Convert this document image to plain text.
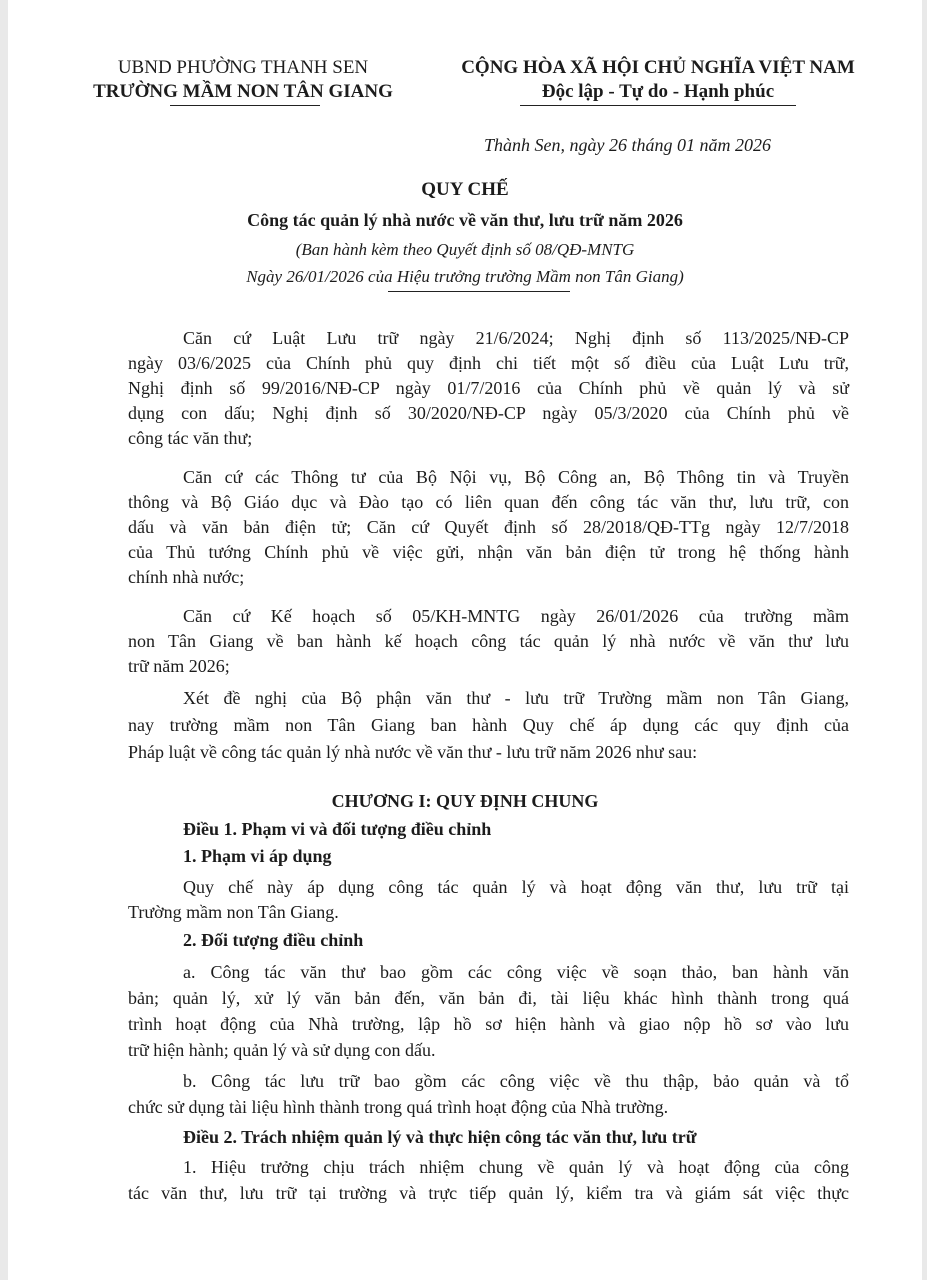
UBND PHƯỜNG THANH SEN
TRƯỜNG MẦM NON TÂN GIANG
CỘNG HÒA XÃ HỘI CHỦ NGHĨA VIỆT NAM
Độc lập - Tự do - Hạnh phúc
Thành Sen, ngày 26 tháng 01 năm 2026
QUY CHẾ
Công tác quản lý nhà nước về văn thư, lưu trữ năm 2026
(Ban hành kèm theo Quyết định số 08/QĐ-MNTG
Ngày 26/01/2026 của Hiệu trưởng trường Mầm non Tân Giang)
Căn cứ Luật Lưu trữ ngày 21/6/2024; Nghị định số 113/2025/NĐ-CP
ngày 03/6/2025 của Chính phủ quy định chi tiết một số điều của Luật Lưu trữ,
Nghị định số 99/2016/NĐ-CP ngày 01/7/2016 của Chính phủ về quản lý và sử
dụng con dấu; Nghị định số 30/2020/NĐ-CP ngày 05/3/2020 của Chính phủ về
công tác văn thư;
Căn cứ các Thông tư của Bộ Nội vụ, Bộ Công an, Bộ Thông tin và Truyền
thông và Bộ Giáo dục và Đào tạo có liên quan đến công tác văn thư, lưu trữ, con
dấu và văn bản điện tử; Căn cứ Quyết định số 28/2018/QĐ-TTg ngày 12/7/2018
của Thủ tướng Chính phủ về việc gửi, nhận văn bản điện tử trong hệ thống hành
chính nhà nước;
Căn cứ Kế hoạch số 05/KH-MNTG ngày 26/01/2026 của trường mầm
non Tân Giang về ban hành kế hoạch công tác quản lý nhà nước về văn thư lưu
trữ năm 2026;
Xét đề nghị của Bộ phận văn thư - lưu trữ Trường mầm non Tân Giang,
nay trường mầm non Tân Giang ban hành Quy chế áp dụng các quy định của
Pháp luật về công tác quản lý nhà nước về văn thư - lưu trữ năm 2026 như sau:
CHƯƠNG I: QUY ĐỊNH CHUNG
Điều 1. Phạm vi và đối tượng điều chỉnh
1. Phạm vi áp dụng
Quy chế này áp dụng công tác quản lý và hoạt động văn thư, lưu trữ tại
Trường mầm non Tân Giang.
2. Đối tượng điều chỉnh
a. Công tác văn thư bao gồm các công việc về soạn thảo, ban hành văn
bản; quản lý, xử lý văn bản đến, văn bản đi, tài liệu khác hình thành trong quá
trình hoạt động của Nhà trường, lập hồ sơ hiện hành và giao nộp hồ sơ vào lưu
trữ hiện hành; quản lý và sử dụng con dấu.
b. Công tác lưu trữ bao gồm các công việc về thu thập, bảo quản và tổ
chức sử dụng tài liệu hình thành trong quá trình hoạt động của Nhà trường.
Điều 2. Trách nhiệm quản lý và thực hiện công tác văn thư, lưu trữ
1. Hiệu trưởng chịu trách nhiệm chung về quản lý và hoạt động của công
tác văn thư, lưu trữ tại trường và trực tiếp quản lý, kiểm tra và giám sát việc thực
